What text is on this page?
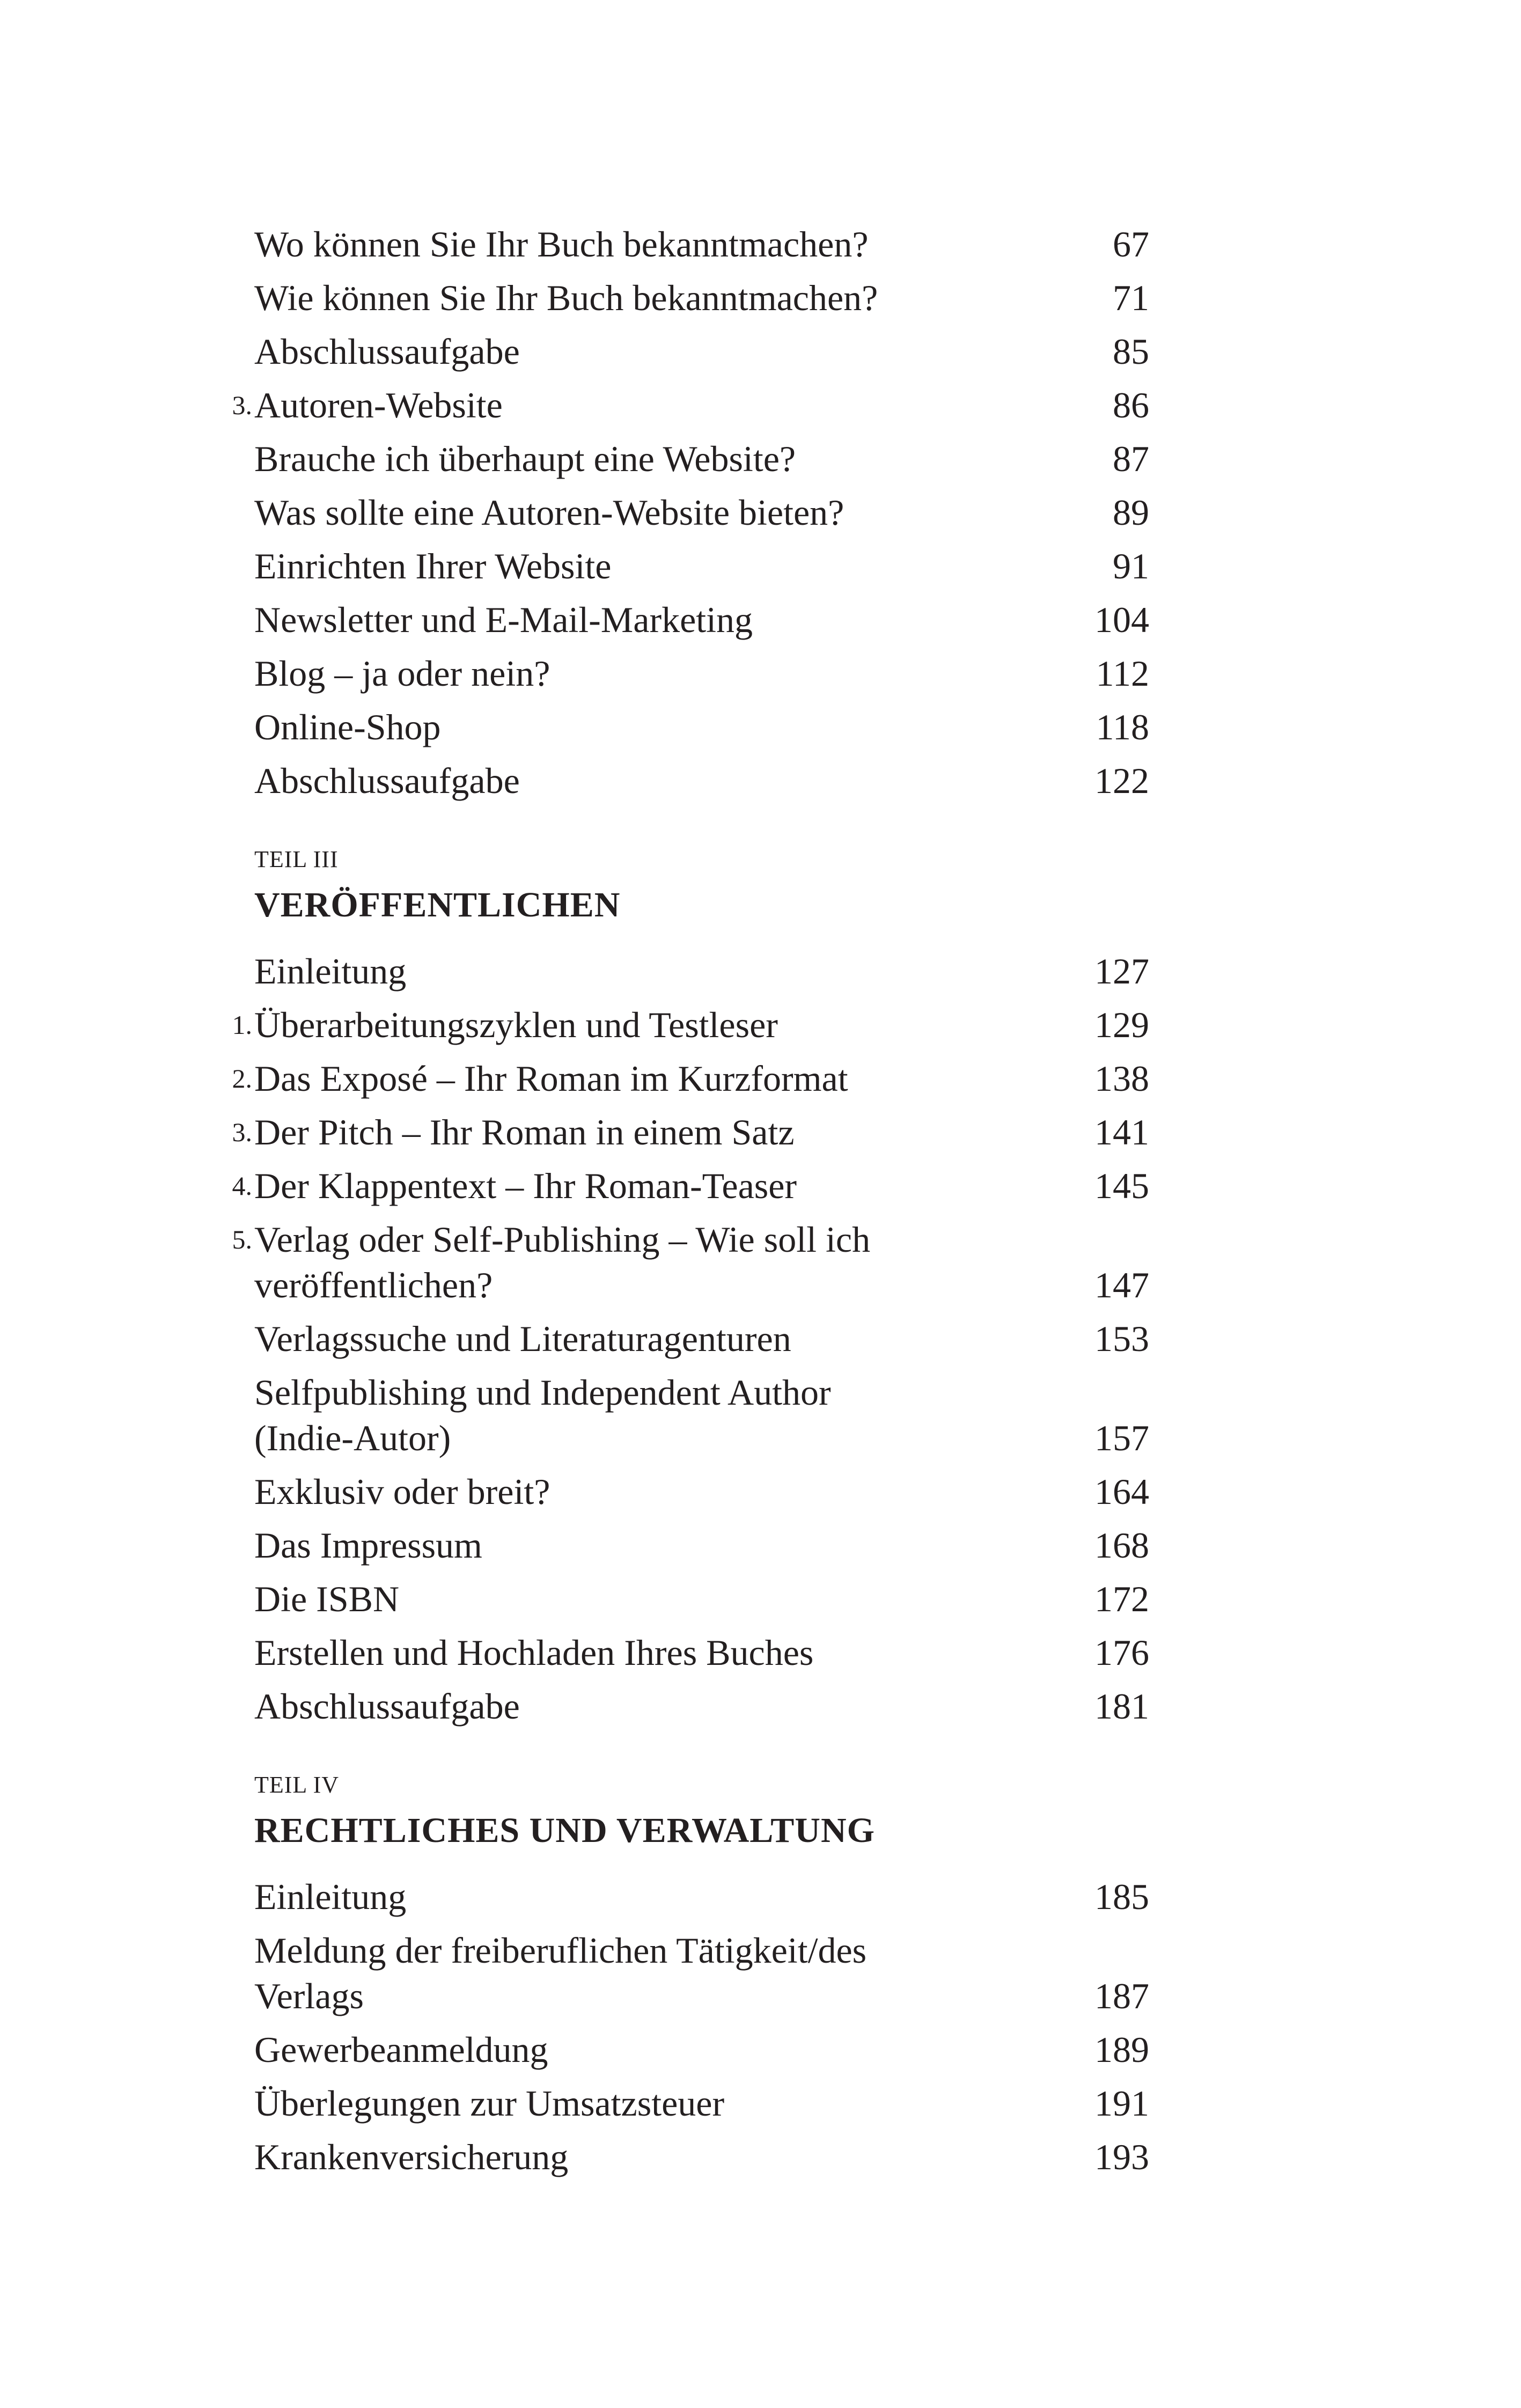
Wo können Sie Ihr Buch bekanntmachen?	67
Wie können Sie Ihr Buch bekanntmachen?	71
Abschlussaufgabe	85
3. Autoren-Website	86
Brauche ich überhaupt eine Website?	87
Was sollte eine Autoren-Website bieten?	89
Einrichten Ihrer Website	91
Newsletter und E-Mail-Marketing	104
Blog – ja oder nein?	112
Online-Shop	118
Abschlussaufgabe	122
TEIL III
VERÖFFENTLICHEN
Einleitung	127
1. Überarbeitungszyklen und Testleser	129
2. Das Exposé – Ihr Roman im Kurzformat	138
3. Der Pitch – Ihr Roman in einem Satz	141
4. Der Klappentext – Ihr Roman-Teaser	145
5. Verlag oder Self-Publishing – Wie soll ich
veröffentlichen?	147
Verlagssuche und Literaturagenturen	153
Selfpublishing und Independent Author
(Indie-Autor)	157
Exklusiv oder breit?	164
Das Impressum	168
Die ISBN	172
Erstellen und Hochladen Ihres Buches	176
Abschlussaufgabe	181
TEIL IV
RECHTLICHES UND VERWALTUNG
Einleitung	185
Meldung der freiberuflichen Tätigkeit/des
Verlags	187
Gewerbeanmeldung	189
Überlegungen zur Umsatzsteuer	191
Krankenversicherung	193
